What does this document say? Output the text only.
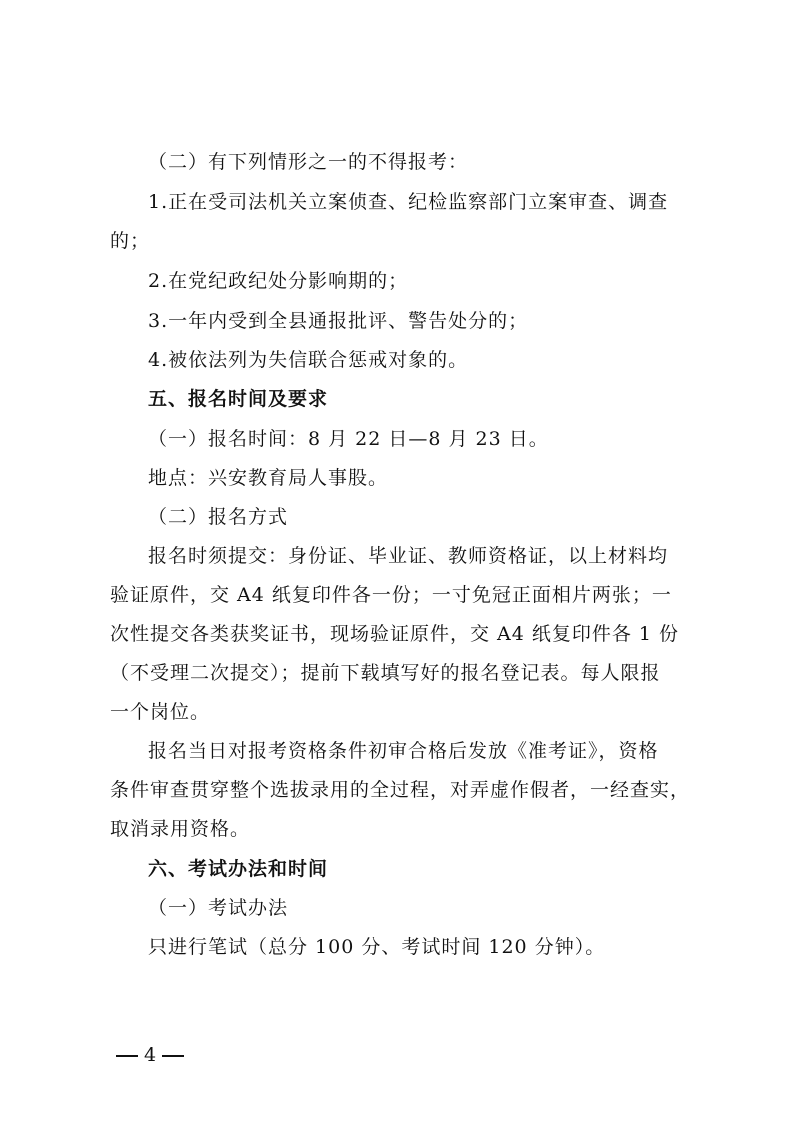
（二）有下列情形之一的不得报考：
1.正在受司法机关立案侦查、纪检监察部门立案审查、调查
的；
2.在党纪政纪处分影响期的；
3.一年内受到全县通报批评、警告处分的；
4.被依法列为失信联合惩戒对象的。
五、报名时间及要求
（一）报名时间：8 月 22 日—8 月 23 日。
地点：兴安教育局人事股。
（二）报名方式
报名时须提交：身份证、毕业证、教师资格证，以上材料均
验证原件，交 A4 纸复印件各一份；一寸免冠正面相片两张；一
次性提交各类获奖证书，现场验证原件，交 A4 纸复印件各 1 份
（不受理二次提交）；提前下载填写好的报名登记表。每人限报
一个岗位。
报名当日对报考资格条件初审合格后发放《准考证》，资格
条件审查贯穿整个选拔录用的全过程，对弄虚作假者，一经查实，
取消录用资格。
六、考试办法和时间
（一）考试办法
只进行笔试（总分 100 分、考试时间 120 分钟）。
4
